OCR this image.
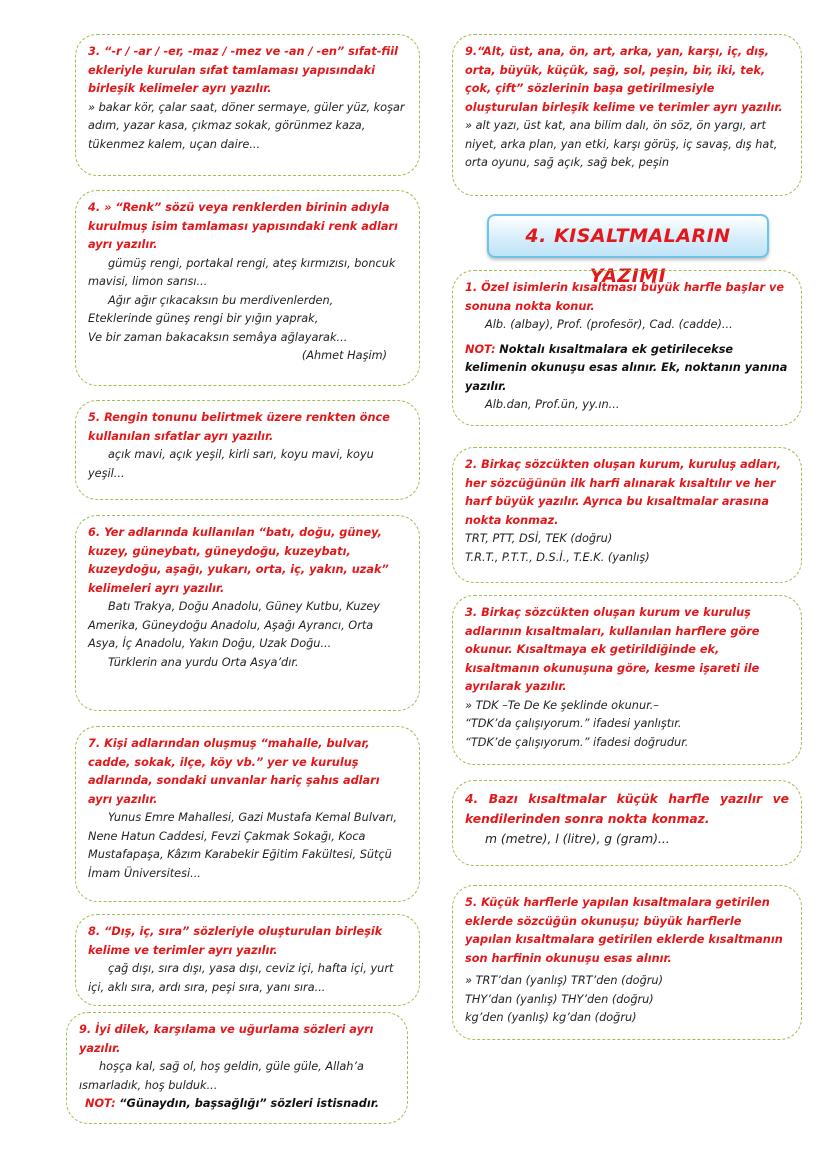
3. “-r / -ar / -er, -maz / -mez ve -an / -en” sıfat-fiil ekleriyle kurulan sıfat tamlaması yapısındaki birleşik kelimeler ayrı yazılır.
» bakar kör, çalar saat, döner sermaye, güler yüz, koşar adım, yazar kasa, çıkmaz sokak, görünmez kaza, tükenmez kalem, uçan daire...
4. » “Renk” sözü veya renklerden birinin adıyla kurulmuş isim tamlaması yapısındaki renk adları ayrı yazılır.
gümüş rengi, portakal rengi, ateş kırmızısı, boncuk mavisi, limon sarısı...
Ağır ağır çıkacaksın bu merdivenlerden,
Eteklerinde güneş rengi bir yığın yaprak,
Ve bir zaman bakacaksın semâya ağlayarak...
(Ahmet Haşim)
5. Rengin tonunu belirtmek üzere renkten önce kullanılan sıfatlar ayrı yazılır.
açık mavi, açık yeşil, kirli sarı, koyu mavi, koyu yeşil...
6. Yer adlarında kullanılan “batı, doğu, güney, kuzey, güneybatı, güneydoğu, kuzeybatı, kuzeydoğu, aşağı, yukarı, orta, iç, yakın, uzak” kelimeleri ayrı yazılır.
Batı Trakya, Doğu Anadolu, Güney Kutbu, Kuzey Amerika, Güneydoğu Anadolu, Aşağı Ayrancı, Orta Asya, İç Anadolu, Yakın Doğu, Uzak Doğu...
Türklerin ana yurdu Orta Asya’dır.
7. Kişi adlarından oluşmuş “mahalle, bulvar, cadde, sokak, ilçe, köy vb.” yer ve kuruluş adlarında, sondaki unvanlar hariç şahıs adları ayrı yazılır.
Yunus Emre Mahallesi, Gazi Mustafa Kemal Bulvarı, Nene Hatun Caddesi, Fevzi Çakmak Sokağı, Koca Mustafapaşa, Kâzım Karabekir Eğitim Fakültesi, Sütçü İmam Üniversitesi...
8. “Dış, iç, sıra” sözleriyle oluşturulan birleşik kelime ve terimler ayrı yazılır.
çağ dışı, sıra dışı, yasa dışı, ceviz içi, hafta içi, yurt içi, aklı sıra, ardı sıra, peşi sıra, yanı sıra...
9. İyi dilek, karşılama ve uğurlama sözleri ayrı yazılır.
hoşça kal, sağ ol, hoş geldin, güle güle, Allah’a ısmarladık, hoş bulduk...
NOT: “Günaydın, başsağlığı” sözleri istisnadır.
9.“Alt, üst, ana, ön, art, arka, yan, karşı, iç, dış, orta, büyük, küçük, sağ, sol, peşin, bir, iki, tek, çok, çift” sözlerinin başa getirilmesiyle oluşturulan birleşik kelime ve terimler ayrı yazılır.
» alt yazı, üst kat, ana bilim dalı, ön söz, ön yargı, art niyet, arka plan, yan etki, karşı görüş, iç savaş, dış hat, orta oyunu, sağ açık, sağ bek, peşin
4. KISALTMALARIN YAZIMI
1. Özel isimlerin kısaltması büyük harfle başlar ve sonuna nokta konur.
Alb. (albay), Prof. (profesör), Cad. (cadde)...
NOT: Noktalı kısaltmalara ek getirilecekse kelimenin okunuşu esas alınır. Ek, noktanın yanına yazılır.
Alb.dan, Prof.ün, yy.ın...
2. Birkaç sözcükten oluşan kurum, kuruluş adları, her sözcüğünün ilk harfi alınarak kısaltılır ve her harf büyük yazılır. Ayrıca bu kısaltmalar arasına nokta konmaz.
TRT, PTT, DSİ, TEK (doğru)
T.R.T., P.T.T., D.S.İ., T.E.K. (yanlış)
3. Birkaç sözcükten oluşan kurum ve kuruluş adlarının kısaltmaları, kullanılan harflere göre okunur. Kısaltmaya ek getirildiğinde ek, kısaltmanın okunuşuna göre, kesme işareti ile ayrılarak yazılır.
» TDK –Te De Ke şeklinde okunur.–
“TDK’da çalışıyorum.” ifadesi yanlıştır.
“TDK’de çalışıyorum.” ifadesi doğrudur.
4. Bazı kısaltmalar küçük harfle yazılır ve kendilerinden sonra nokta konmaz.
m (metre), l (litre), g (gram)...
5. Küçük harflerle yapılan kısaltmalara getirilen eklerde sözcüğün okunuşu; büyük harflerle yapılan kısaltmalara getirilen eklerde kısaltmanın son harfinin okunuşu esas alınır.
» TRT’dan (yanlış) TRT’den (doğru)
THY’dan (yanlış) THY’den (doğru)
kg’den (yanlış) kg’dan (doğru)
